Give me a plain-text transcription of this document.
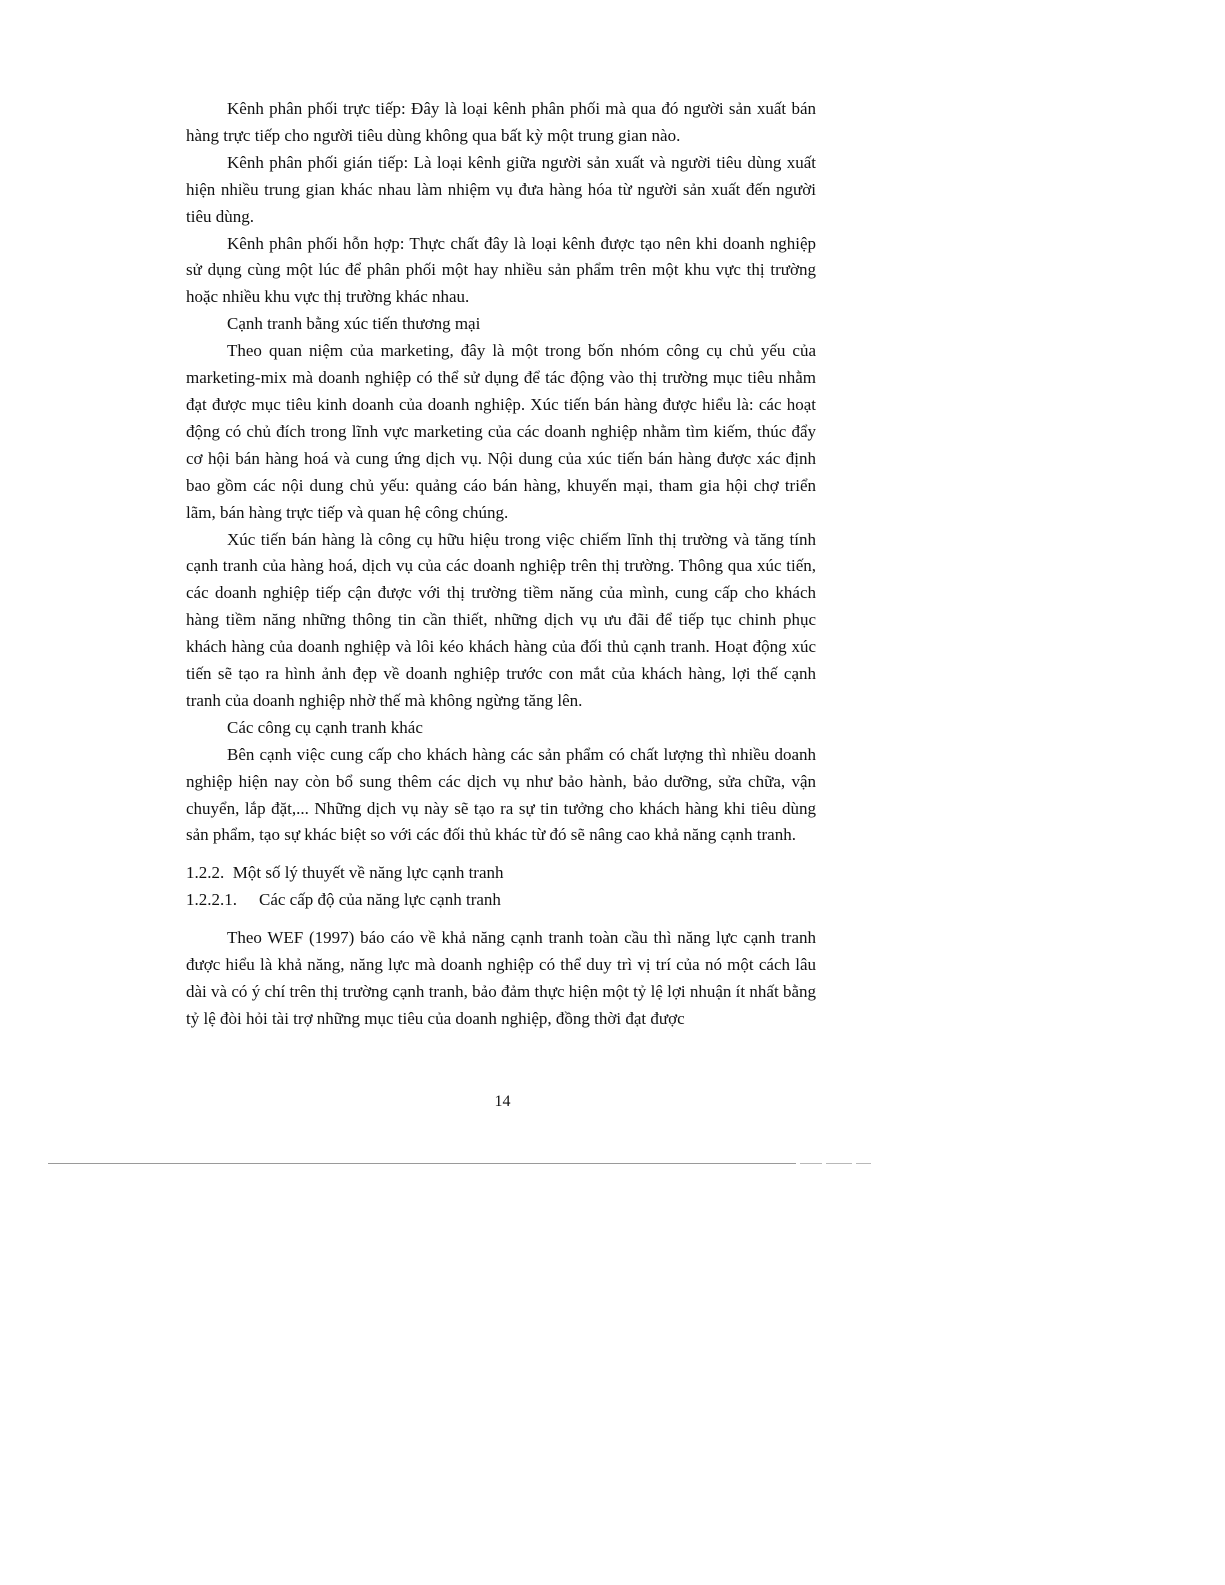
Kênh phân phối trực tiếp: Đây là loại kênh phân phối mà qua đó người sản xuất bán hàng trực tiếp cho người tiêu dùng không qua bất kỳ một trung gian nào.

Kênh phân phối gián tiếp: Là loại kênh giữa người sản xuất và người tiêu dùng xuất hiện nhiều trung gian khác nhau làm nhiệm vụ đưa hàng hóa từ người sản xuất đến người tiêu dùng.

Kênh phân phối hỗn hợp: Thực chất đây là loại kênh được tạo nên khi doanh nghiệp sử dụng cùng một lúc để phân phối một hay nhiều sản phẩm trên một khu vực thị trường hoặc nhiều khu vực thị trường khác nhau.

Cạnh tranh bằng xúc tiến thương mại

Theo quan niệm của marketing, đây là một trong bốn nhóm công cụ chủ yếu của marketing-mix mà doanh nghiệp có thể sử dụng để tác động vào thị trường mục tiêu nhằm đạt được mục tiêu kinh doanh của doanh nghiệp. Xúc tiến bán hàng được hiểu là: các hoạt động có chủ đích trong lĩnh vực marketing của các doanh nghiệp nhằm tìm kiếm, thúc đẩy cơ hội bán hàng hoá và cung ứng dịch vụ. Nội dung của xúc tiến bán hàng được xác định bao gồm các nội dung chủ yếu: quảng cáo bán hàng, khuyến mại, tham gia hội chợ triển lãm, bán hàng trực tiếp và quan hệ công chúng.

Xúc tiến bán hàng là công cụ hữu hiệu trong việc chiếm lĩnh thị trường và tăng tính cạnh tranh của hàng hoá, dịch vụ của các doanh nghiệp trên thị trường. Thông qua xúc tiến, các doanh nghiệp tiếp cận được với thị trường tiềm năng của mình, cung cấp cho khách hàng tiềm năng những thông tin cần thiết, những dịch vụ ưu đãi để tiếp tục chinh phục khách hàng của doanh nghiệp và lôi kéo khách hàng của đối thủ cạnh tranh. Hoạt động xúc tiến sẽ tạo ra hình ảnh đẹp về doanh nghiệp trước con mắt của khách hàng, lợi thế cạnh tranh của doanh nghiệp nhờ thế mà không ngừng tăng lên.

Các công cụ cạnh tranh khác

Bên cạnh việc cung cấp cho khách hàng các sản phẩm có chất lượng thì nhiều doanh nghiệp hiện nay còn bổ sung thêm các dịch vụ như bảo hành, bảo dưỡng, sửa chữa, vận chuyển, lắp đặt,... Những dịch vụ này sẽ tạo ra sự tin tưởng cho khách hàng khi tiêu dùng sản phẩm, tạo sự khác biệt so với các đối thủ khác từ đó sẽ nâng cao khả năng cạnh tranh.

1.2.2. Một số lý thuyết về năng lực cạnh tranh

1.2.2.1. Các cấp độ của năng lực cạnh tranh

Theo WEF (1997) báo cáo về khả năng cạnh tranh toàn cầu thì năng lực cạnh tranh được hiểu là khả năng, năng lực mà doanh nghiệp có thể duy trì vị trí của nó một cách lâu dài và có ý chí trên thị trường cạnh tranh, bảo đảm thực hiện một tỷ lệ lợi nhuận ít nhất bằng tỷ lệ đòi hỏi tài trợ những mục tiêu của doanh nghiệp, đồng thời đạt được

14
